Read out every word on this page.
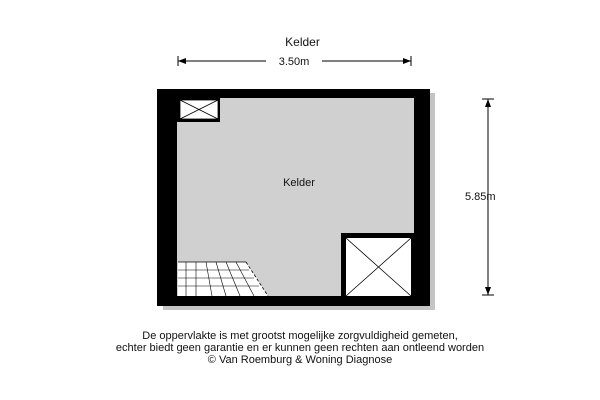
Kelder
3.50m
5.85m
Kelder
De oppervlakte is met grootst mogelijke zorgvuldigheid gemeten,
echter biedt geen garantie en er kunnen geen rechten aan ontleend worden
© Van Roemburg & Woning Diagnose
